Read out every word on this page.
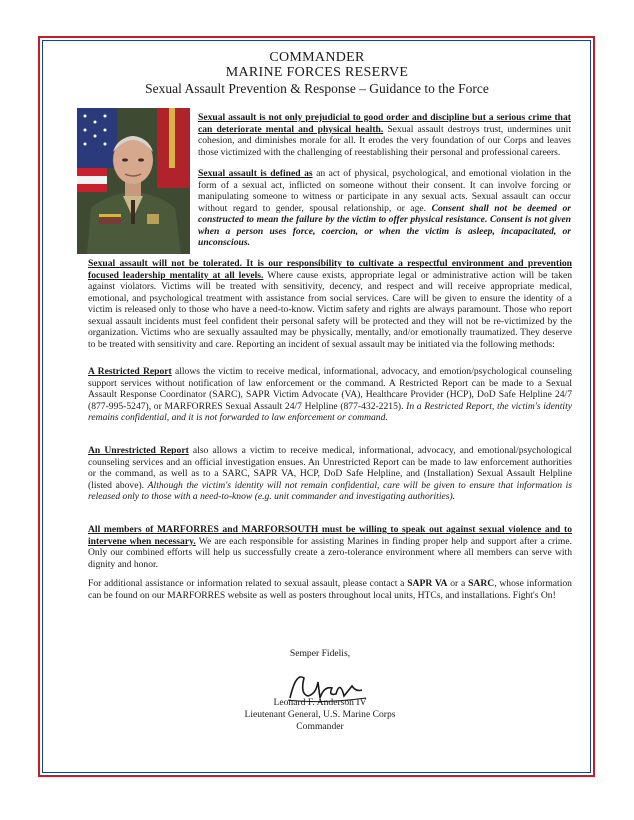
COMMANDER
MARINE FORCES RESERVE
Sexual Assault Prevention & Response – Guidance to the Force
Sexual assault is not only prejudicial to good order and discipline but a serious crime that can deteriorate mental and physical health. Sexual assault destroys trust, undermines unit cohesion, and diminishes morale for all. It erodes the very foundation of our Corps and leaves those victimized with the challenging of reestablishing their personal and professional careers.
Sexual assault is defined as an act of physical, psychological, and emotional violation in the form of a sexual act, inflicted on someone without their consent. It can involve forcing or manipulating someone to witness or participate in any sexual acts. Sexual assault can occur without regard to gender, spousal relationship, or age. Consent shall not be deemed or constructed to mean the failure by the victim to offer physical resistance. Consent is not given when a person uses force, coercion, or when the victim is asleep, incapacitated, or unconscious.
Sexual assault will not be tolerated. It is our responsibility to cultivate a respectful environment and prevention focused leadership mentality at all levels. Where cause exists, appropriate legal or administrative action will be taken against violators. Victims will be treated with sensitivity, decency, and respect and will receive appropriate medical, emotional, and psychological treatment with assistance from social services. Care will be given to ensure the identity of a victim is released only to those who have a need-to-know. Victim safety and rights are always paramount. Those who report sexual assault incidents must feel confident their personal safety will be protected and they will not be re-victimized by the organization. Victims who are sexually assaulted may be physically, mentally, and/or emotionally traumatized. They deserve to be treated with sensitivity and care. Reporting an incident of sexual assault may be initiated via the following methods:
A Restricted Report allows the victim to receive medical, informational, advocacy, and emotion/psychological counseling support services without notification of law enforcement or the command. A Restricted Report can be made to a Sexual Assault Response Coordinator (SARC), SAPR Victim Advocate (VA), Healthcare Provider (HCP), DoD Safe Helpline 24/7 (877-995-5247), or MARFORRES Sexual Assault 24/7 Helpline (877-432-2215). In a Restricted Report, the victim's identity remains confidential, and it is not forwarded to law enforcement or command.
An Unrestricted Report also allows a victim to receive medical, informational, advocacy, and emotional/psychological counseling services and an official investigation ensues. An Unrestricted Report can be made to law enforcement authorities or the command, as well as to a SARC, SAPR VA, HCP, DoD Safe Helpline, and (Installation) Sexual Assault Helpline (listed above). Although the victim's identity will not remain confidential, care will be given to ensure that information is released only to those with a need-to-know (e.g. unit commander and investigating authorities).
All members of MARFORRES and MARFORSOUTH must be willing to speak out against sexual violence and to intervene when necessary. We are each responsible for assisting Marines in finding proper help and support after a crime. Only our combined efforts will help us successfully create a zero-tolerance environment where all members can serve with dignity and honor.
For additional assistance or information related to sexual assault, please contact a SAPR VA or a SARC, whose information can be found on our MARFORRES website as well as posters throughout local units, HTCs, and installations. Fight's On!
Semper Fidelis,
Leonard F. Anderson IV
Lieutenant General, U.S. Marine Corps
Commander
